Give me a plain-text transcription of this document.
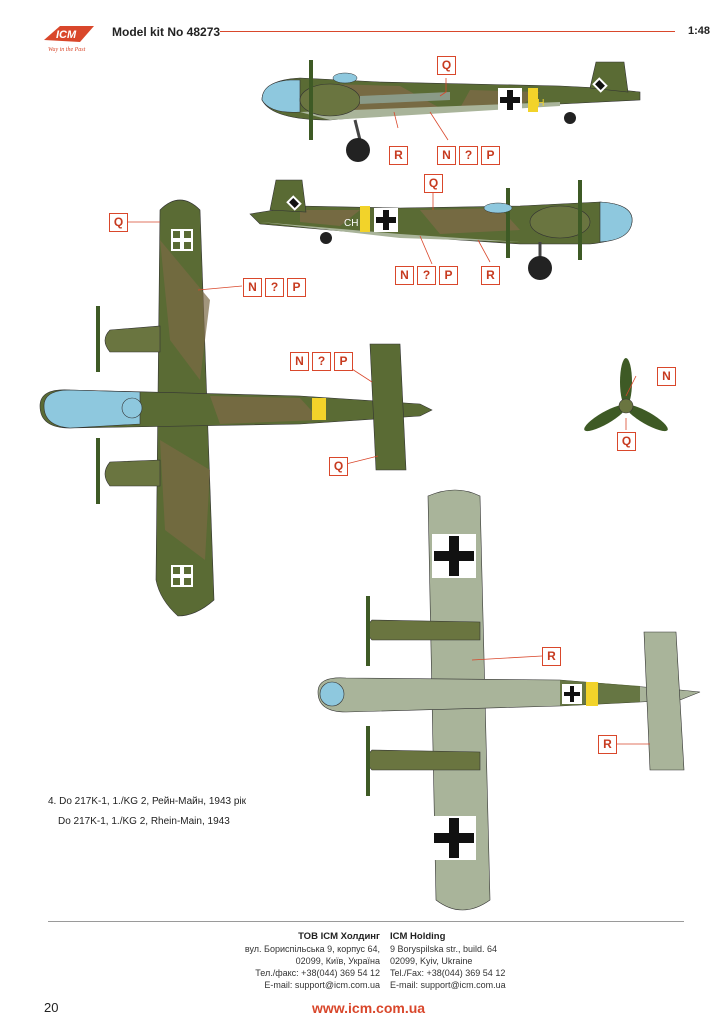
ICM
Way in the Past
Model kit No 48273	1:48
CH
CH
Q
R	N	?	P
Q
R
N	?	P
Q
N	?	P
N	?	P
Q
N
Q
R
R
4. Do 217K-1, 1./KG 2, Рейн-Майн, 1943 рік
Do 217K-1, 1./KG 2, Rhein-Main, 1943
ТОВ ICM Холдинг
вул. Бориспільська 9, корпус 64,
02099, Київ, Україна
Тел./факс: +38(044) 369 54 12
E-mail: support@icm.com.ua
ICM Holding
9 Boryspilska str., build. 64
02099, Kyiv, Ukraine
Tel./Fax: +38(044) 369 54 12
E-mail: support@icm.com.ua
20	www.icm.com.ua
